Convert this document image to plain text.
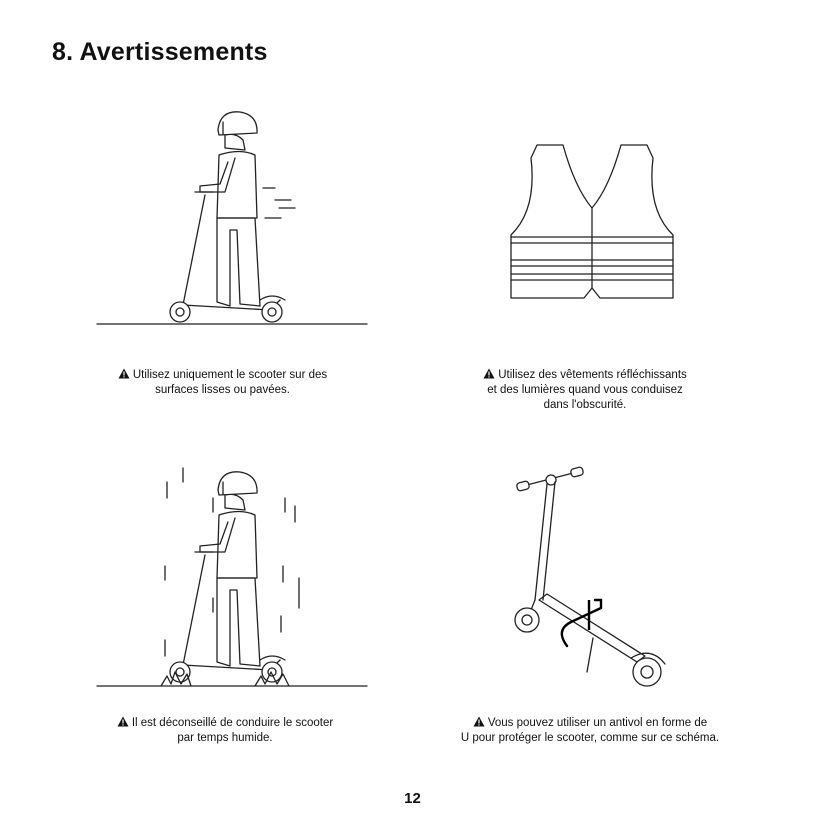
8. Avertissements
Utilisez uniquement le scooter sur des
surfaces lisses ou pavées.
Utilisez des vêtements réfléchissants
et des lumières quand vous conduisez
dans l'obscurité.
Il est déconseillé de conduire le scooter
par temps humide.
Vous pouvez utiliser un antivol en forme de
U pour protéger le scooter, comme sur ce schéma.
12
